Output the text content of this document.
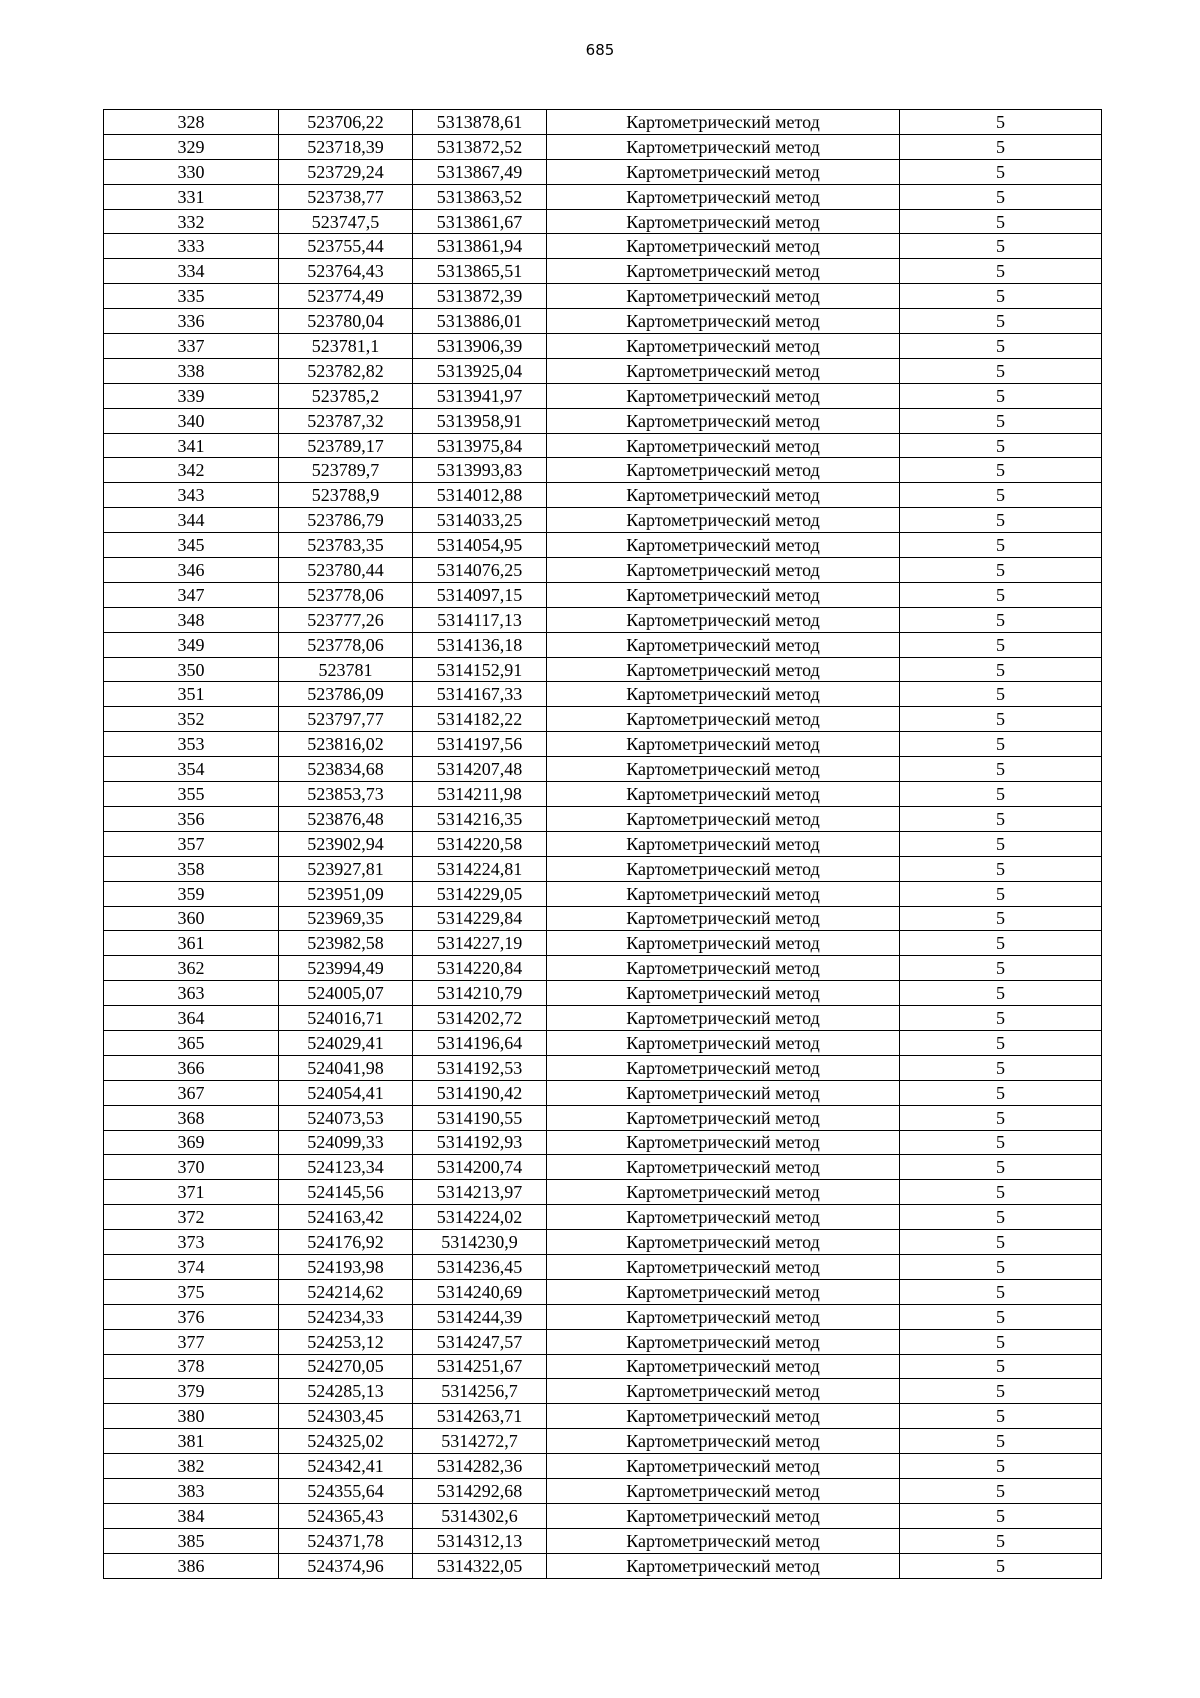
685
328	523706,22	5313878,61	Картометрический метод	5
329	523718,39	5313872,52	Картометрический метод	5
330	523729,24	5313867,49	Картометрический метод	5
331	523738,77	5313863,52	Картометрический метод	5
332	523747,5	5313861,67	Картометрический метод	5
333	523755,44	5313861,94	Картометрический метод	5
334	523764,43	5313865,51	Картометрический метод	5
335	523774,49	5313872,39	Картометрический метод	5
336	523780,04	5313886,01	Картометрический метод	5
337	523781,1	5313906,39	Картометрический метод	5
338	523782,82	5313925,04	Картометрический метод	5
339	523785,2	5313941,97	Картометрический метод	5
340	523787,32	5313958,91	Картометрический метод	5
341	523789,17	5313975,84	Картометрический метод	5
342	523789,7	5313993,83	Картометрический метод	5
343	523788,9	5314012,88	Картометрический метод	5
344	523786,79	5314033,25	Картометрический метод	5
345	523783,35	5314054,95	Картометрический метод	5
346	523780,44	5314076,25	Картометрический метод	5
347	523778,06	5314097,15	Картометрический метод	5
348	523777,26	5314117,13	Картометрический метод	5
349	523778,06	5314136,18	Картометрический метод	5
350	523781	5314152,91	Картометрический метод	5
351	523786,09	5314167,33	Картометрический метод	5
352	523797,77	5314182,22	Картометрический метод	5
353	523816,02	5314197,56	Картометрический метод	5
354	523834,68	5314207,48	Картометрический метод	5
355	523853,73	5314211,98	Картометрический метод	5
356	523876,48	5314216,35	Картометрический метод	5
357	523902,94	5314220,58	Картометрический метод	5
358	523927,81	5314224,81	Картометрический метод	5
359	523951,09	5314229,05	Картометрический метод	5
360	523969,35	5314229,84	Картометрический метод	5
361	523982,58	5314227,19	Картометрический метод	5
362	523994,49	5314220,84	Картометрический метод	5
363	524005,07	5314210,79	Картометрический метод	5
364	524016,71	5314202,72	Картометрический метод	5
365	524029,41	5314196,64	Картометрический метод	5
366	524041,98	5314192,53	Картометрический метод	5
367	524054,41	5314190,42	Картометрический метод	5
368	524073,53	5314190,55	Картометрический метод	5
369	524099,33	5314192,93	Картометрический метод	5
370	524123,34	5314200,74	Картометрический метод	5
371	524145,56	5314213,97	Картометрический метод	5
372	524163,42	5314224,02	Картометрический метод	5
373	524176,92	5314230,9	Картометрический метод	5
374	524193,98	5314236,45	Картометрический метод	5
375	524214,62	5314240,69	Картометрический метод	5
376	524234,33	5314244,39	Картометрический метод	5
377	524253,12	5314247,57	Картометрический метод	5
378	524270,05	5314251,67	Картометрический метод	5
379	524285,13	5314256,7	Картометрический метод	5
380	524303,45	5314263,71	Картометрический метод	5
381	524325,02	5314272,7	Картометрический метод	5
382	524342,41	5314282,36	Картометрический метод	5
383	524355,64	5314292,68	Картометрический метод	5
384	524365,43	5314302,6	Картометрический метод	5
385	524371,78	5314312,13	Картометрический метод	5
386	524374,96	5314322,05	Картометрический метод	5
